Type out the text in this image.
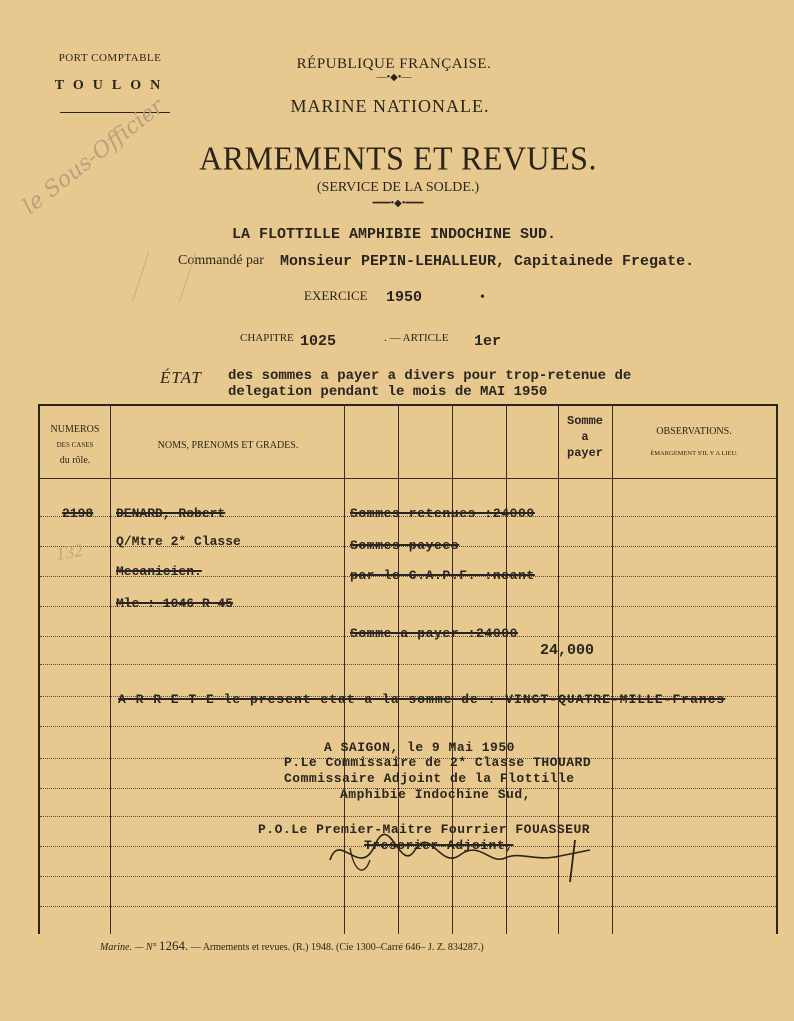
PORT COMPTABLE
TOULON
RÉPUBLIQUE FRANÇAISE.
—•◆•—
MARINE NATIONALE.
ARMEMENTS ET REVUES.
(SERVICE DE LA SOLDE.)
━━━•◆•━━━
LA FLOTTILLE AMPHIBIE INDOCHINE SUD.
Commandé par Monsieur PEPIN-LEHALLEUR, Capitainede Fregate.
EXERCICE 1950	•
CHAPITRE 1025	. — ARTICLE 1er
ÉTAT des sommes a payer a divers pour trop-retenue de
delegation pendant le mois de MAI 1950
le Sous-Officier
NUMEROS
DES CASES
du rôle.
NOMS, PRENOMS ET GRADES.
Somme
a
payer
OBSERVATIONS.
ÉMARGEMENT S'IL Y A LIEU.
2198 DENARD, Robert
Q/Mtre 2* Classe
Mecanicien.
Mle : 1046 R 45
Sommes retenues :24000
Sommes payees
par le C.A.P.F. :neant
Somme a payer :24000
24,000
132
A R R E T E le present etat a la somme de : VINGT-QUATRE-MILLE-Francs
A SAIGON, le 9 Mai 1950
P.Le Commissaire de 2* Classe THOUARD
Commissaire Adjoint de la Flottille
Amphibie Indochine Sud,
P.O.Le Premier-Maitre Fourrier FOUASSEUR
Tresorier-Adjoint,
Marine. — N° 1264. — Armements et revues. (R.) 1948. (Cie 1300–Carré 646– J. Z. 834287.)
